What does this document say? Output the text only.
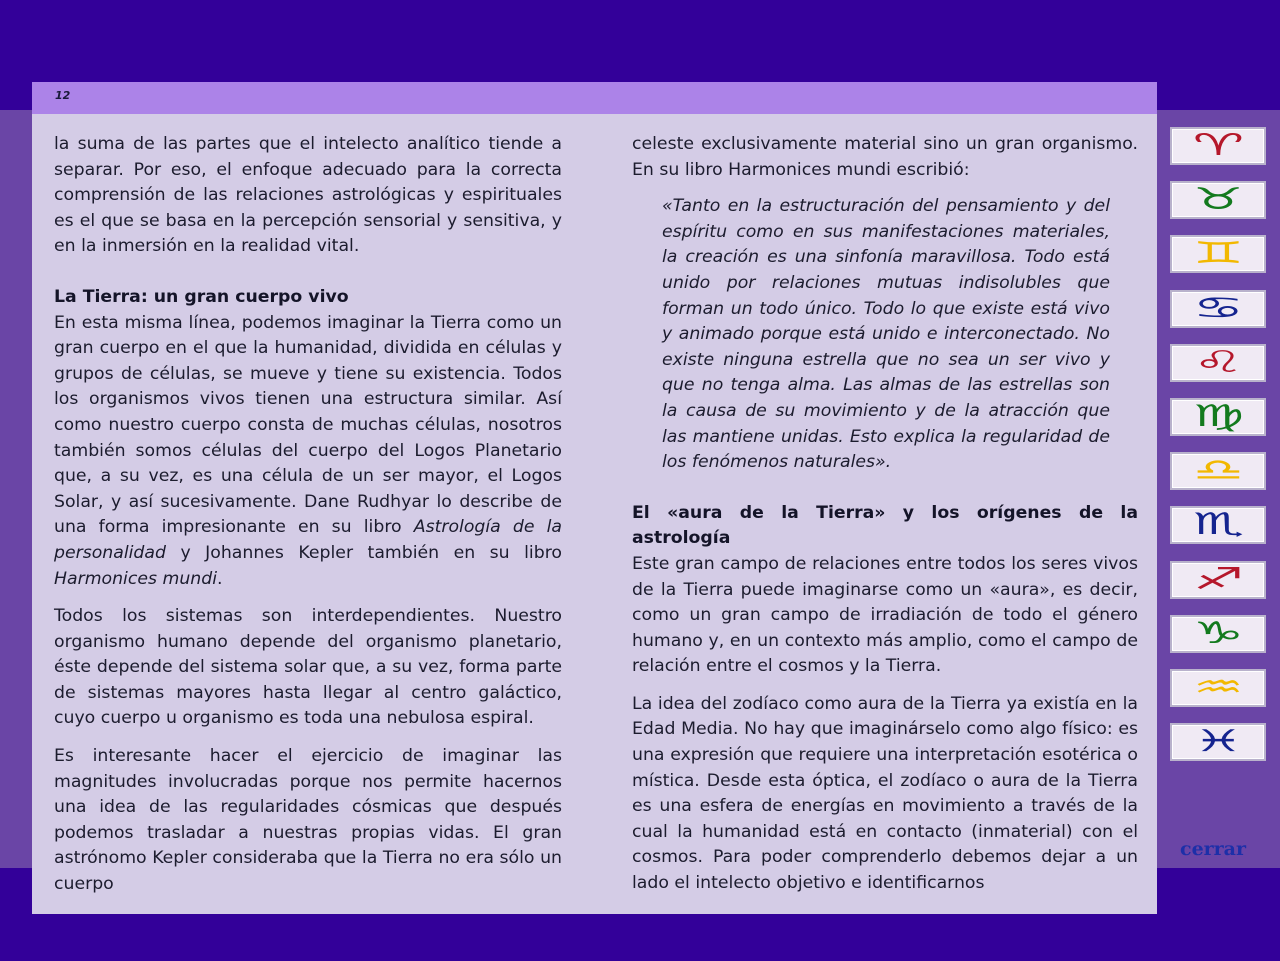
12

la suma de las partes que el intelecto analítico tiende a separar. Por eso, el enfoque adecuado para la correcta comprensión de las relaciones astrológicas y espirituales es el que se basa en la percepción sensorial y sensitiva, y en la inmersión en la realidad vital.

La Tierra: un gran cuerpo vivo

En esta misma línea, podemos imaginar la Tierra como un gran cuerpo en el que la humanidad, dividida en células y grupos de células, se mueve y tiene su existencia. Todos los organismos vivos tienen una estructura similar. Así como nuestro cuerpo consta de muchas células, nosotros también somos células del cuerpo del Logos Planetario que, a su vez, es una célula de un ser mayor, el Logos Solar, y así sucesivamente. Dane Rudhyar lo describe de una forma impresionante en su libro Astrología de la personalidad y Johannes Kepler también en su libro Harmonices mundi.

Todos los sistemas son interdependientes. Nuestro organismo humano depende del organismo planetario, éste depende del sistema solar que, a su vez, forma parte de sistemas mayores hasta llegar al centro galáctico, cuyo cuerpo u organismo es toda una nebulosa espiral.

Es interesante hacer el ejercicio de imaginar las magnitudes involucradas porque nos permite hacernos una idea de las regularidades cósmicas que después podemos trasladar a nuestras propias vidas. El gran astrónomo Kepler consideraba que la Tierra no era sólo un cuerpo

celeste exclusivamente material sino un gran organismo. En su libro Harmonices mundi escribió:

«Tanto en la estructuración del pensamiento y del espíritu como en sus manifestaciones materiales, la creación es una sinfonía maravillosa. Todo está unido por relaciones mutuas indisolubles que forman un todo único. Todo lo que existe está vivo y animado porque está unido e interconectado. No existe ninguna estrella que no sea un ser vivo y que no tenga alma. Las almas de las estrellas son la causa de su movimiento y de la atracción que las mantiene unidas. Esto explica la regularidad de los fenómenos naturales».
El «aura de la Tierra» y los orígenes de la astrología

Este gran campo de relaciones entre todos los seres vivos de la Tierra puede imaginarse como un «aura», es decir, como un gran campo de irradiación de todo el género humano y, en un contexto más amplio, como el campo de relación entre el cosmos y la Tierra.

La idea del zodíaco como aura de la Tierra ya existía en la Edad Media. No hay que imaginárselo como algo físico: es una expresión que requiere una interpretación esotérica o mística. Desde esta óptica, el zodíaco o aura de la Tierra es una esfera de energías en movimiento a través de la cual la humanidad está en contacto (inmaterial) con el cosmos. Para poder comprenderlo debemos dejar a un lado el intelecto objetivo e identificarnos

♈
♉
♊
♋
♌
♍
♎
♏
♐
♑
♒
♓
cerrar
